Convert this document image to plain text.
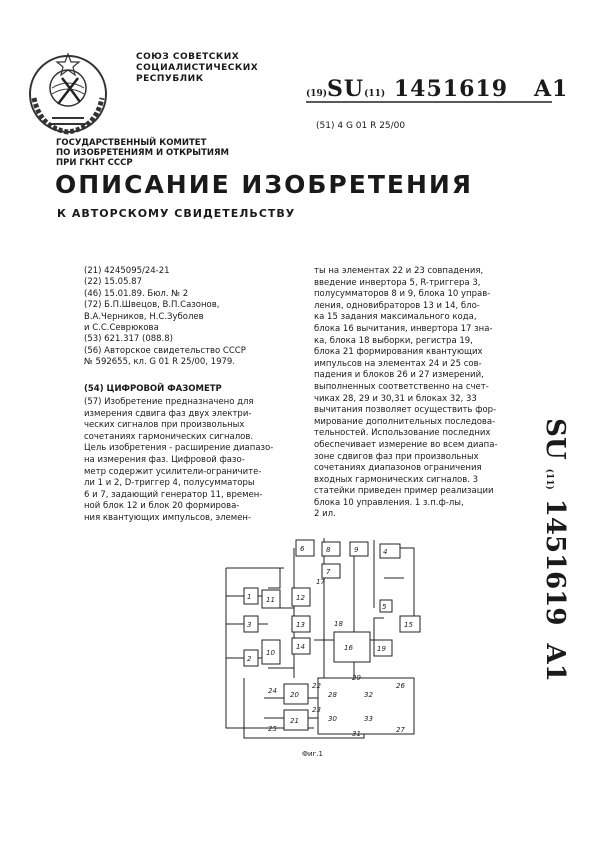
СОЮЗ СОВЕТСКИХ
СОЦИАЛИСТИЧЕСКИХ
РЕСПУБЛИК
(19)SU(11) 1451619 A1
(51) 4 G 01 R 25/00
ГОСУДАРСТВЕННЫЙ КОМИТЕТ
ПО ИЗОБРЕТЕНИЯМ И ОТКРЫТИЯМ
ПРИ ГКНТ СССР
ОПИСАНИЕ ИЗОБРЕТЕНИЯ
К АВТОРСКОМУ СВИДЕТЕЛЬСТВУ
(21) 4245095/24-21
(22) 15.05.87
(46) 15.01.89. Бюл. № 2
(72) Б.П.Швецов, В.П.Сазонов,
В.А.Черников, Н.С.Зуболев
и С.С.Севрюкова
(53) 621.317 (088.8)
(56) Авторское свидетельство СССР
№ 592655, кл. G 01 R 25/00, 1979.
(54) ЦИФРОВОЙ ФАЗОМЕТР
(57) Изобретение предназначено для
измерения сдвига фаз двух электри-
ческих сигналов при произвольных
сочетаниях гармонических сигналов.
Цель изобретения - расширение диапазо-
на измерения фаз. Цифровой фазо-
метр содержит усилители-ограничите-
ли 1 и 2, D-триггер 4, полусумматоры
6 и 7, задающий генератор 11, времен-
ной блок 12 и блок 20 формирова-
ния квантующих импульсов, элемен-
ты на элементах 22 и 23 совпадения,
введение инвертора 5, R-триггера 3,
полусумматоров 8 и 9, блока 10 управ-
ления, одновибраторов 13 и 14, бло-
ка 15 задания максимального кода,
блока 16 вычитания, инвертора 17 зна-
ка, блока 18 выборки, регистра 19,
блока 21 формирования квантующих
импульсов на элементах 24 и 25 сов-
падения и блоков 26 и 27 измерений,
выполненных соответственно на счет-
чиках 28, 29 и 30,31 и блоках 32, 33
вычитания позволяет осуществить фор-
мирование дополнительных последова-
тельностей. Использование последних
обеспечивает измерение во всем диапа-
зоне сдвигов фаз при произвольных
сочетаниях диапазонов ограничения
входных гармонических сигналов. 3
статейки приведен пример реализации
блока 10 управления. 1 з.п.ф-лы,
2 ил.
SU (11) 1451619  A1
1
3
2
11
10
12
13
14
6	8	9
7
4
5
15
16	19
20
21
28
30
32
33
26
27
22
23
24
25
29
31
17
18
Фиг.1
